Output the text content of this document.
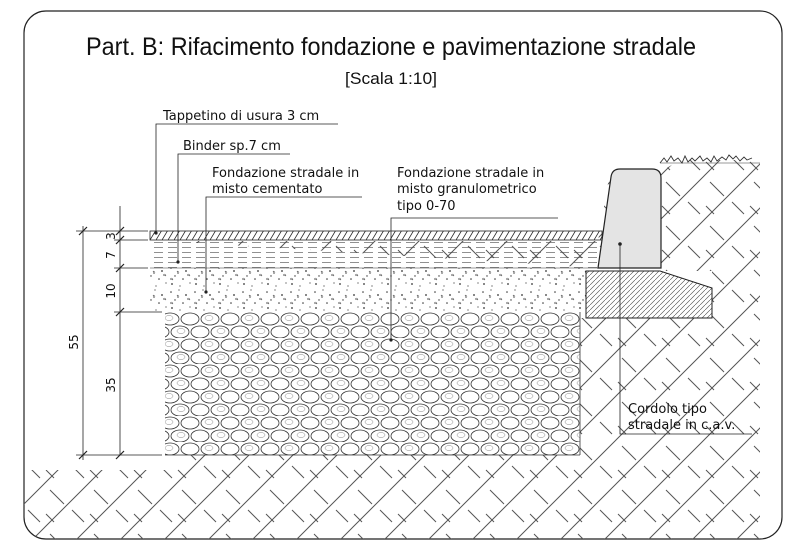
Part. B: Rifacimento fondazione e pavimentazione stradale
[Scala 1:10]
Tappetino di usura 3 cm
Binder sp.7 cm
Fondazione stradale in
misto cementato
Fondazione stradale in
misto granulometrico
tipo 0-70
Cordolo tipo
stradale in c.a.v.
3
7
10
35
55
